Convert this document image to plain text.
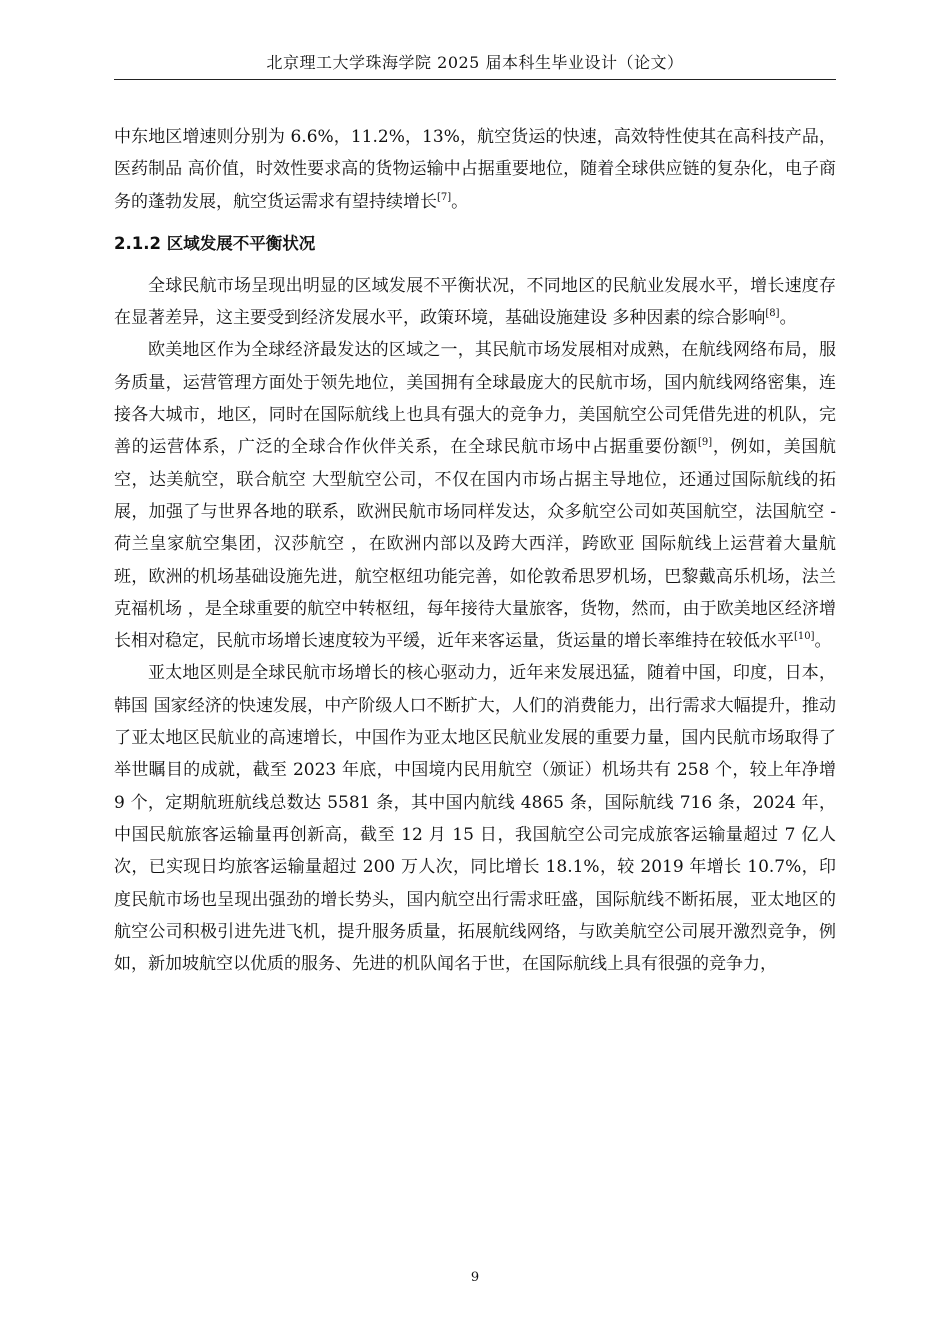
北京理工大学珠海学院 2025 届本科生毕业设计（论文）

中东地区增速则分别为 6.6%，11.2%，13%，航空货运的快速，高效特性使其在高科技产品，医药制品 高价值，时效性要求高的货物运输中占据重要地位，随着全球供应链的复杂化，电子商务的蓬勃发展，航空货运需求有望持续增长[7]。

2.1.2 区域发展不平衡状况

全球民航市场呈现出明显的区域发展不平衡状况，不同地区的民航业发展水平，增长速度存在显著差异，这主要受到经济发展水平，政策环境，基础设施建设 多种因素的综合影响[8]。

欧美地区作为全球经济最发达的区域之一，其民航市场发展相对成熟，在航线网络布局，服务质量，运营管理方面处于领先地位，美国拥有全球最庞大的民航市场，国内航线网络密集，连接各大城市，地区，同时在国际航线上也具有强大的竞争力，美国航空公司凭借先进的机队，完善的运营体系，广泛的全球合作伙伴关系，在全球民航市场中占据重要份额[9]，例如，美国航空，达美航空，联合航空 大型航空公司，不仅在国内市场占据主导地位，还通过国际航线的拓展，加强了与世界各地的联系，欧洲民航市场同样发达，众多航空公司如英国航空，法国航空 - 荷兰皇家航空集团，汉莎航空 ，在欧洲内部以及跨大西洋，跨欧亚 国际航线上运营着大量航班，欧洲的机场基础设施先进，航空枢纽功能完善，如伦敦希思罗机场，巴黎戴高乐机场，法兰克福机场 ，是全球重要的航空中转枢纽，每年接待大量旅客，货物，然而，由于欧美地区经济增长相对稳定，民航市场增长速度较为平缓，近年来客运量，货运量的增长率维持在较低水平[10]。

亚太地区则是全球民航市场增长的核心驱动力，近年来发展迅猛，随着中国，印度，日本，韩国 国家经济的快速发展，中产阶级人口不断扩大，人们的消费能力，出行需求大幅提升，推动了亚太地区民航业的高速增长，中国作为亚太地区民航业发展的重要力量，国内民航市场取得了举世瞩目的成就，截至 2023 年底，中国境内民用航空（颁证）机场共有 258 个，较上年净增 9 个，定期航班航线总数达 5581 条，其中国内航线 4865 条，国际航线 716 条，2024 年，中国民航旅客运输量再创新高，截至 12 月 15 日，我国航空公司完成旅客运输量超过 7 亿人次，已实现日均旅客运输量超过 200 万人次，同比增长 18.1%，较 2019 年增长 10.7%，印度民航市场也呈现出强劲的增长势头，国内航空出行需求旺盛，国际航线不断拓展，亚太地区的航空公司积极引进先进飞机，提升服务质量，拓展航线网络，与欧美航空公司展开激烈竞争，例如，新加坡航空以优质的服务、先进的机队闻名于世，在国际航线上具有很强的竞争力，

9
